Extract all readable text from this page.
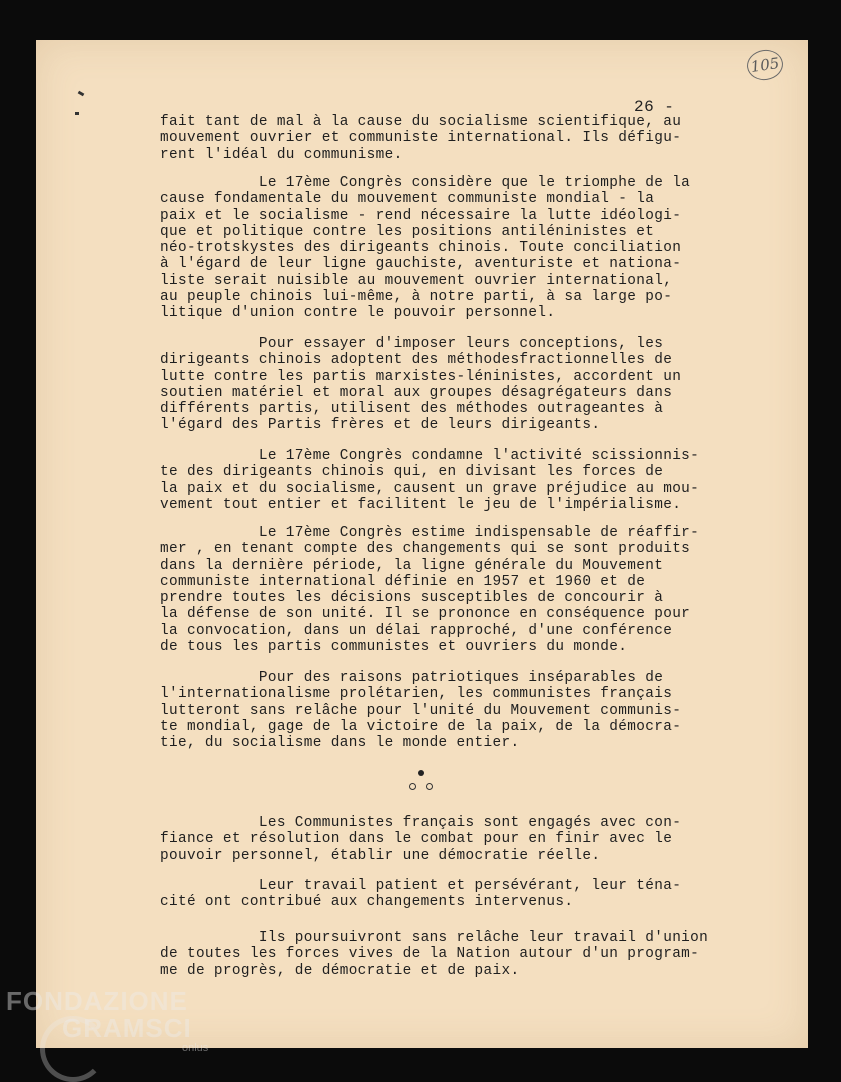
105
26 -
fait tant de mal à la cause du socialisme scientifique, au
mouvement ouvrier et communiste international. Ils défigu-
rent l'idéal du communisme.
Le 17ème Congrès considère que le triomphe de la
cause fondamentale du mouvement communiste mondial - la
paix et le socialisme - rend nécessaire la lutte idéologi-
que et politique contre les positions antiléninistes et
néo-trotskystes des dirigeants chinois. Toute conciliation
à l'égard de leur ligne gauchiste, aventuriste et nationa-
liste serait nuisible au mouvement ouvrier international,
au peuple chinois lui-même, à notre parti, à sa large po-
litique d'union contre le pouvoir personnel.
Pour essayer d'imposer leurs conceptions, les
dirigeants chinois adoptent des méthodesfractionnelles de
lutte contre les partis marxistes-léninistes, accordent un
soutien matériel et moral aux groupes désagrégateurs dans
différents partis, utilisent des méthodes outrageantes à
l'égard des Partis frères et de leurs dirigeants.
Le 17ème Congrès condamne l'activité scissionnis-
te des dirigeants chinois qui, en divisant les forces de
la paix et du socialisme, causent un grave préjudice au mou-
vement tout entier et facilitent le jeu de l'impérialisme.
Le 17ème Congrès estime indispensable de réaffir-
mer , en tenant compte des changements qui se sont produits
dans la dernière période, la ligne générale du Mouvement
communiste international définie en 1957 et 1960 et de
prendre toutes les décisions susceptibles de concourir à
la défense de son unité. Il se prononce en conséquence pour
la convocation, dans un délai rapproché, d'une conférence
de tous les partis communistes et ouvriers du monde.
Pour des raisons patriotiques inséparables de
l'internationalisme prolétarien, les communistes français
lutteront sans relâche pour l'unité du Mouvement communis-
te mondial, gage de la victoire de la paix, de la démocra-
tie, du socialisme dans le monde entier.
Les Communistes français sont engagés avec con-
fiance et résolution dans le combat pour en finir avec le
pouvoir personnel, établir une démocratie réelle.
Leur travail patient et persévérant, leur téna-
cité ont contribué aux changements intervenus.
Ils poursuivront sans relâche leur travail d'union
de toutes les forces vives de la Nation autour d'un program-
me de progrès, de démocratie et de paix.
FONDAZIONE
GRAMSCI
onlus
